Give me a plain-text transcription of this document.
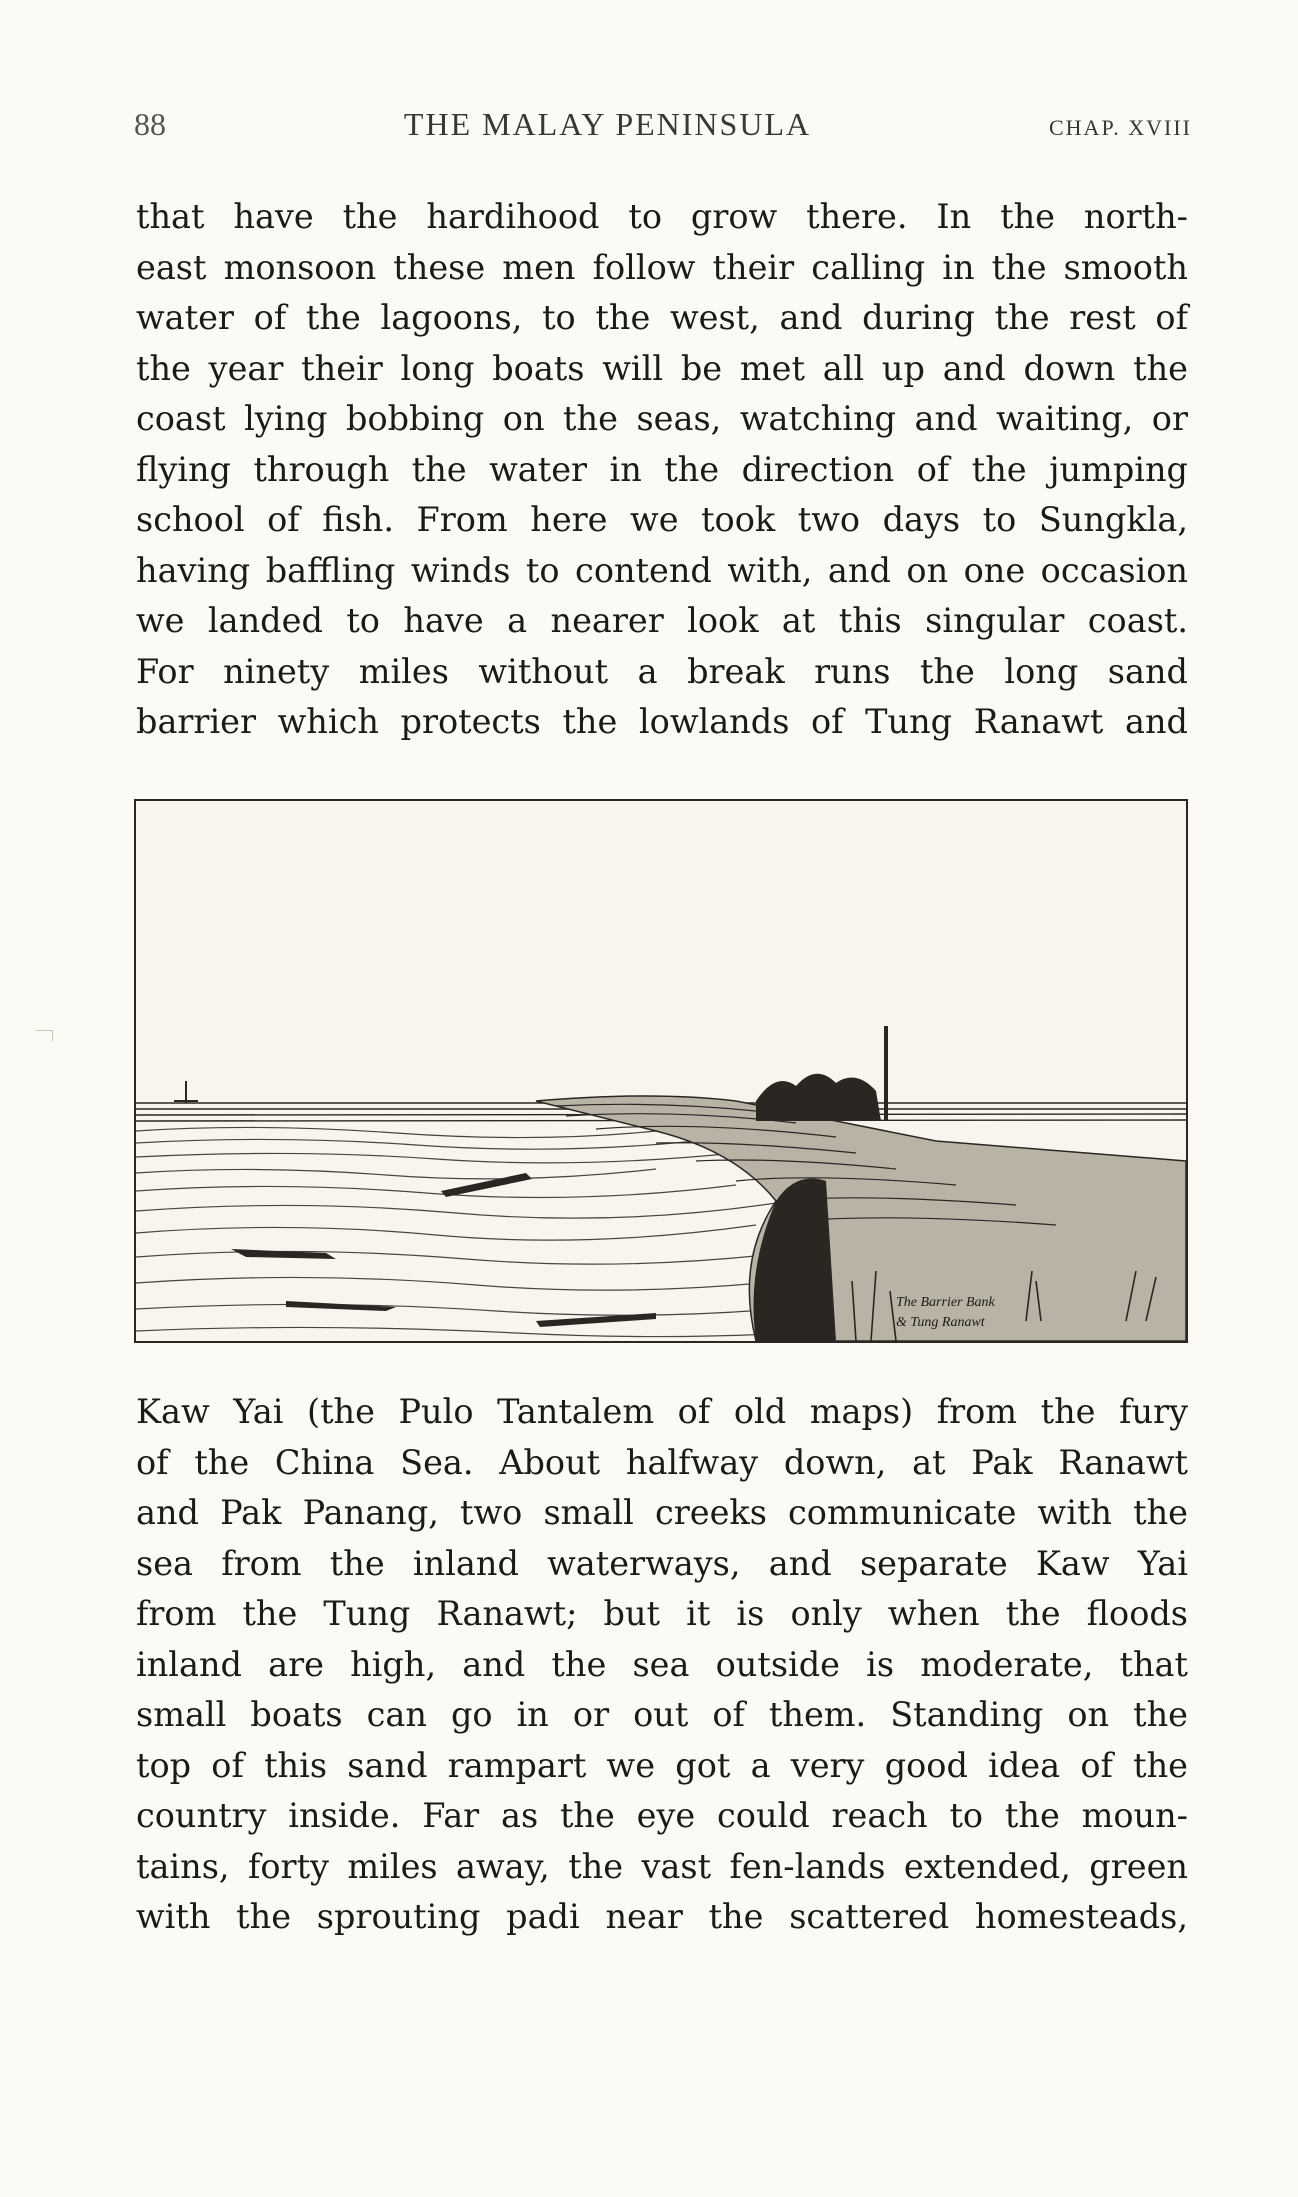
88	THE MALAY PENINSULA	CHAP. XVIII
that have the hardihood to grow there. In the north-
east monsoon these men follow their calling in the smooth
water of the lagoons, to the west, and during the rest of
the year their long boats will be met all up and down the
coast lying bobbing on the seas, watching and waiting, or
flying through the water in the direction of the jumping
school of fish. From here we took two days to Sungkla,
having baffling winds to contend with, and on one occasion
we landed to have a nearer look at this singular coast.
For ninety miles without a break runs the long sand
barrier which protects the lowlands of Tung Ranawt and
The Barrier Bank
& Tung Ranawt
Kaw Yai (the Pulo Tantalem of old maps) from the fury
of the China Sea. About halfway down, at Pak Ranawt
and Pak Panang, two small creeks communicate with the
sea from the inland waterways, and separate Kaw Yai
from the Tung Ranawt; but it is only when the floods
inland are high, and the sea outside is moderate, that
small boats can go in or out of them. Standing on the
top of this sand rampart we got a very good idea of the
country inside. Far as the eye could reach to the moun-
tains, forty miles away, the vast fen-lands extended, green
with the sprouting padi near the scattered homesteads,
